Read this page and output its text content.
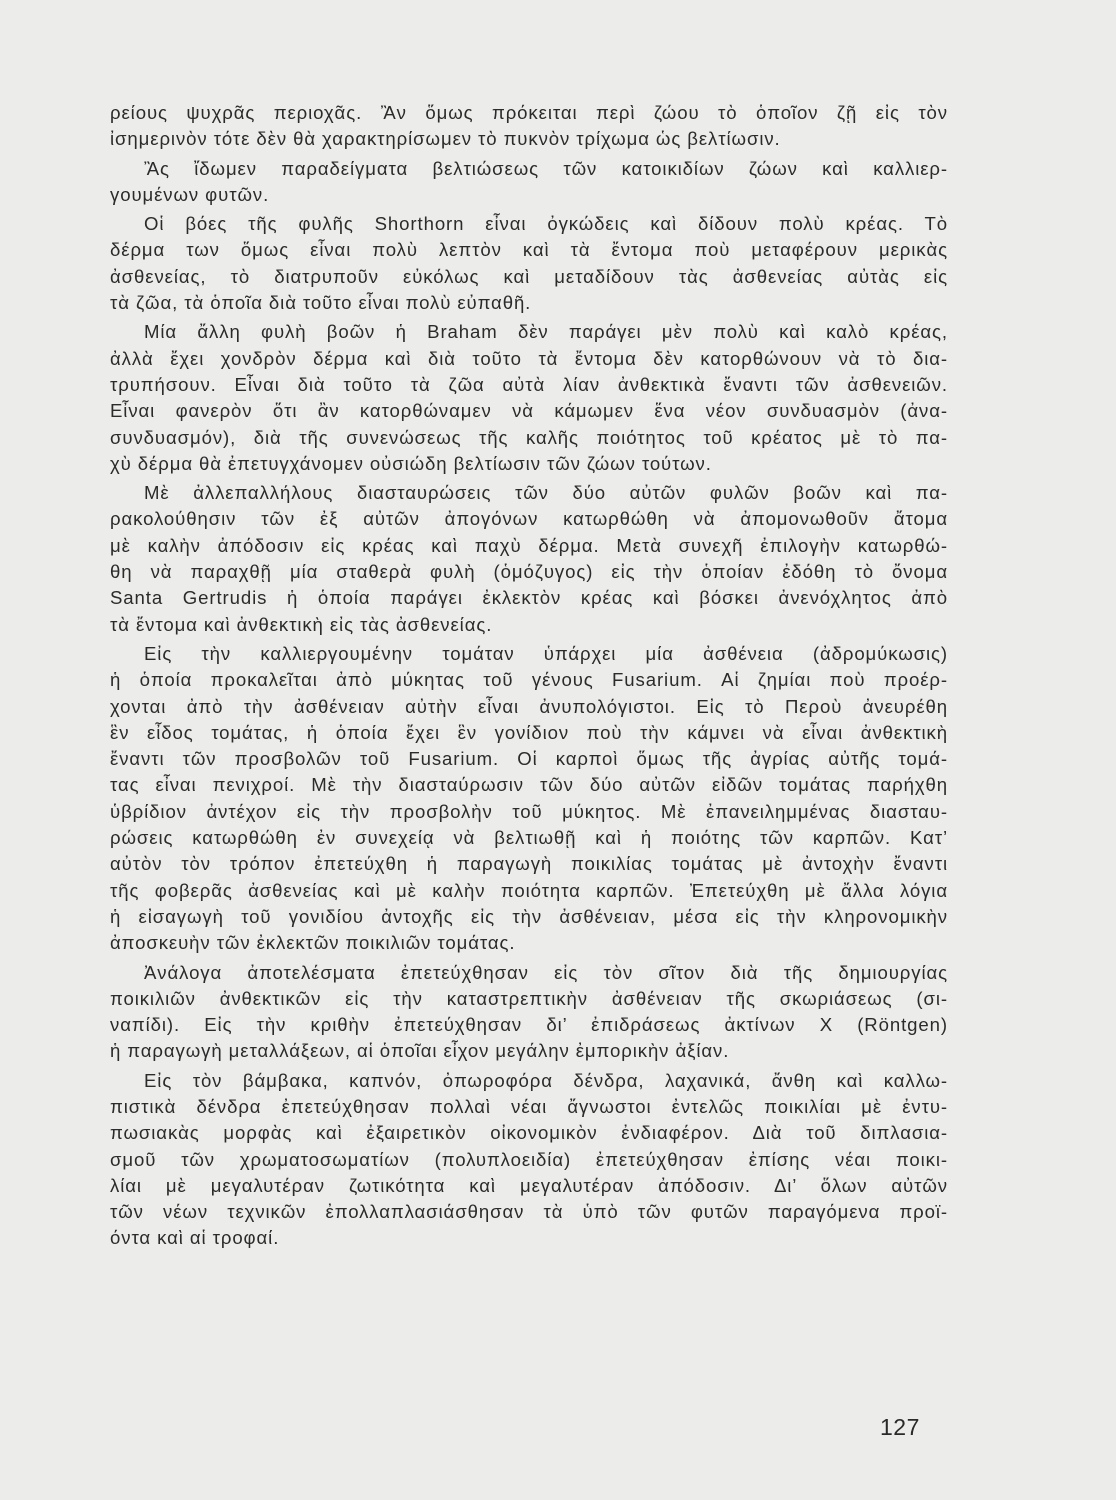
ρείους ψυχρᾶς περιοχᾶς. Ἂν ὅμως πρόκειται περὶ ζώου τὸ ὁποῖον ζῇ εἰς τὸν
ἰσημερινὸν τότε δὲν θὰ χαρακτηρίσωμεν τὸ πυκνὸν τρίχωμα ὡς βελτίωσιν.
Ἂς ἴδωμεν παραδείγματα βελτιώσεως τῶν κατοικιδίων ζώων καὶ καλλιερ-
γουμένων φυτῶν.
Οἱ βόες τῆς φυλῆς Shorthorn εἶναι ὀγκώδεις καὶ δίδουν πολὺ κρέας. Τὸ
δέρμα των ὅμως εἶναι πολὺ λεπτὸν καὶ τὰ ἔντομα ποὺ μεταφέρουν μερικὰς
ἀσθενείας, τὸ διατρυποῦν εὐκόλως καὶ μεταδίδουν τὰς ἀσθενείας αὐτὰς εἰς
τὰ ζῶα, τὰ ὁποῖα διὰ τοῦτο εἶναι πολὺ εὐπαθῆ.
Μία ἄλλη φυλὴ βοῶν ἡ Braham δὲν παράγει μὲν πολὺ καὶ καλὸ κρέας,
ἀλλὰ ἔχει χονδρὸν δέρμα καὶ διὰ τοῦτο τὰ ἔντομα δὲν κατορθώνουν νὰ τὸ δια-
τρυπήσουν. Εἶναι διὰ τοῦτο τὰ ζῶα αὐτὰ λίαν ἀνθεκτικὰ ἔναντι τῶν ἀσθενειῶν.
Εἶναι φανερὸν ὅτι ἂν κατορθώναμεν νὰ κάμωμεν ἕνα νέον συνδυασμὸν (ἀνα-
συνδυασμόν), διὰ τῆς συνενώσεως τῆς καλῆς ποιότητος τοῦ κρέατος μὲ τὸ πα-
χὺ δέρμα θὰ ἐπετυγχάνομεν οὐσιώδη βελτίωσιν τῶν ζώων τούτων.
Μὲ ἀλλεπαλλήλους διασταυρώσεις τῶν δύο αὐτῶν φυλῶν βοῶν καὶ πα-
ρακολούθησιν τῶν ἐξ αὐτῶν ἀπογόνων κατωρθώθη νὰ ἀπομονωθοῦν ἄτομα
μὲ καλὴν ἀπόδοσιν εἰς κρέας καὶ παχὺ δέρμα. Μετὰ συνεχῆ ἐπιλογὴν κατωρθώ-
θη νὰ παραχθῇ μία σταθερὰ φυλὴ (ὁμόζυγος) εἰς τὴν ὁποίαν ἐδόθη τὸ ὄνομα
Santa Gertrudis ἡ ὁποία παράγει ἐκλεκτὸν κρέας καὶ βόσκει ἀνενόχλητος ἀπὸ
τὰ ἔντομα καὶ ἀνθεκτικὴ εἰς τὰς ἀσθενείας.
Εἰς τὴν καλλιεργουμένην τομάταν ὑπάρχει μία ἀσθένεια (ἀδρομύκωσις)
ἡ ὁποία προκαλεῖται ἀπὸ μύκητας τοῦ γένους Fusarium. Αἱ ζημίαι ποὺ προέρ-
χονται ἀπὸ τὴν ἀσθένειαν αὐτὴν εἶναι ἀνυπολόγιστοι. Εἰς τὸ Περοὺ ἀνευρέθη
ἓν εἶδος τομάτας, ἡ ὁποία ἔχει ἓν γονίδιον ποὺ τὴν κάμνει νὰ εἶναι ἀνθεκτικὴ
ἔναντι τῶν προσβολῶν τοῦ Fusarium. Οἱ καρποὶ ὅμως τῆς ἀγρίας αὐτῆς τομά-
τας εἶναι πενιχροί. Μὲ τὴν διασταύρωσιν τῶν δύο αὐτῶν εἰδῶν τομάτας παρήχθη
ὑβρίδιον ἀντέχον εἰς τὴν προσβολὴν τοῦ μύκητος. Μὲ ἐπανειλημμένας διασταυ-
ρώσεις κατωρθώθη ἐν συνεχείᾳ νὰ βελτιωθῇ καὶ ἡ ποιότης τῶν καρπῶν. Κατ’
αὐτὸν τὸν τρόπον ἐπετεύχθη ἡ παραγωγὴ ποικιλίας τομάτας μὲ ἀντοχὴν ἔναντι
τῆς φοβερᾶς ἀσθενείας καὶ μὲ καλὴν ποιότητα καρπῶν. Ἐπετεύχθη μὲ ἄλλα λόγια
ἡ εἰσαγωγὴ τοῦ γονιδίου ἀντοχῆς εἰς τὴν ἀσθένειαν, μέσα εἰς τὴν κληρονομικὴν
ἀποσκευὴν τῶν ἐκλεκτῶν ποικιλιῶν τομάτας.
Ἀνάλογα ἀποτελέσματα ἐπετεύχθησαν εἰς τὸν σῖτον διὰ τῆς δημιουργίας
ποικιλιῶν ἀνθεκτικῶν εἰς τὴν καταστρεπτικὴν ἀσθένειαν τῆς σκωριάσεως (σι-
ναπίδι). Εἰς τὴν κριθὴν ἐπετεύχθησαν δι’ ἐπιδράσεως ἀκτίνων Χ (Röntgen)
ἡ παραγωγὴ μεταλλάξεων, αἱ ὁποῖαι εἶχον μεγάλην ἐμπορικὴν ἀξίαν.
Εἰς τὸν βάμβακα, καπνόν, ὀπωροφόρα δένδρα, λαχανικά, ἄνθη καὶ καλλω-
πιστικὰ δένδρα ἐπετεύχθησαν πολλαὶ νέαι ἄγνωστοι ἐντελῶς ποικιλίαι μὲ ἐντυ-
πωσιακὰς μορφὰς καὶ ἐξαιρετικὸν οἰκονομικὸν ἐνδιαφέρον. Διὰ τοῦ διπλασια-
σμοῦ τῶν χρωματοσωματίων (πολυπλοειδία) ἐπετεύχθησαν ἐπίσης νέαι ποικι-
λίαι μὲ μεγαλυτέραν ζωτικότητα καὶ μεγαλυτέραν ἀπόδοσιν. Δι’ ὅλων αὐτῶν
τῶν νέων τεχνικῶν ἐπολλαπλασιάσθησαν τὰ ὑπὸ τῶν φυτῶν παραγόμενα προϊ-
όντα καὶ αἱ τροφαί.
127
